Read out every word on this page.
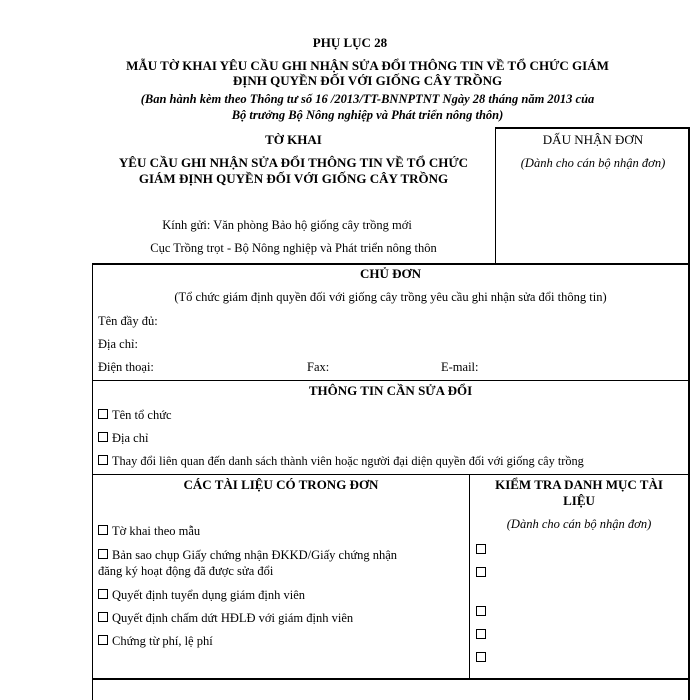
PHỤ LỤC 28
MẪU TỜ KHAI YÊU CẦU GHI NHẬN SỬA ĐỔI THÔNG TIN VỀ TỔ CHỨC GIÁM
ĐỊNH QUYỀN ĐỐI VỚI GIỐNG CÂY TRỒNG
(Ban hành kèm theo Thông tư số 16 /2013/TT-BNNPTNT Ngày 28 tháng năm 2013 của
Bộ trưởng Bộ Nông nghiệp và Phát triển nông thôn)
DẤU NHẬN ĐƠN
(Dành cho cán bộ nhận đơn)
TỜ KHAI
YÊU CẦU GHI NHẬN SỬA ĐỔI THÔNG TIN VỀ TỔ CHỨC
GIÁM ĐỊNH QUYỀN ĐỐI VỚI GIỐNG CÂY TRỒNG
Kính gửi: Văn phòng Bảo hộ giống cây trồng mới
Cục Trồng trọt - Bộ Nông nghiệp và Phát triển nông thôn
CHỦ ĐƠN
(Tổ chức giám định quyền đối với giống cây trồng yêu cầu ghi nhận sửa đổi thông tin)
Tên đầy đủ:
Địa chỉ:
Điện thoại:	Fax:	E-mail:
THÔNG TIN CẦN SỬA ĐỔI
Tên tổ chức
Địa chỉ
Thay đổi liên quan đến danh sách thành viên hoặc người đại diện quyền đối với giống cây trồng
CÁC TÀI LIỆU CÓ TRONG ĐƠN	KIỂM TRA DANH MỤC TÀI
LIỆU
(Dành cho cán bộ nhận đơn)
Tờ khai theo mẫu
Bản sao chụp Giấy chứng nhận ĐKKD/Giấy chứng nhận
đăng ký hoạt động đã được sửa đổi
Quyết định tuyển dụng giám định viên
Quyết định chấm dứt HĐLĐ với giám định viên
Chứng từ phí, lệ phí
